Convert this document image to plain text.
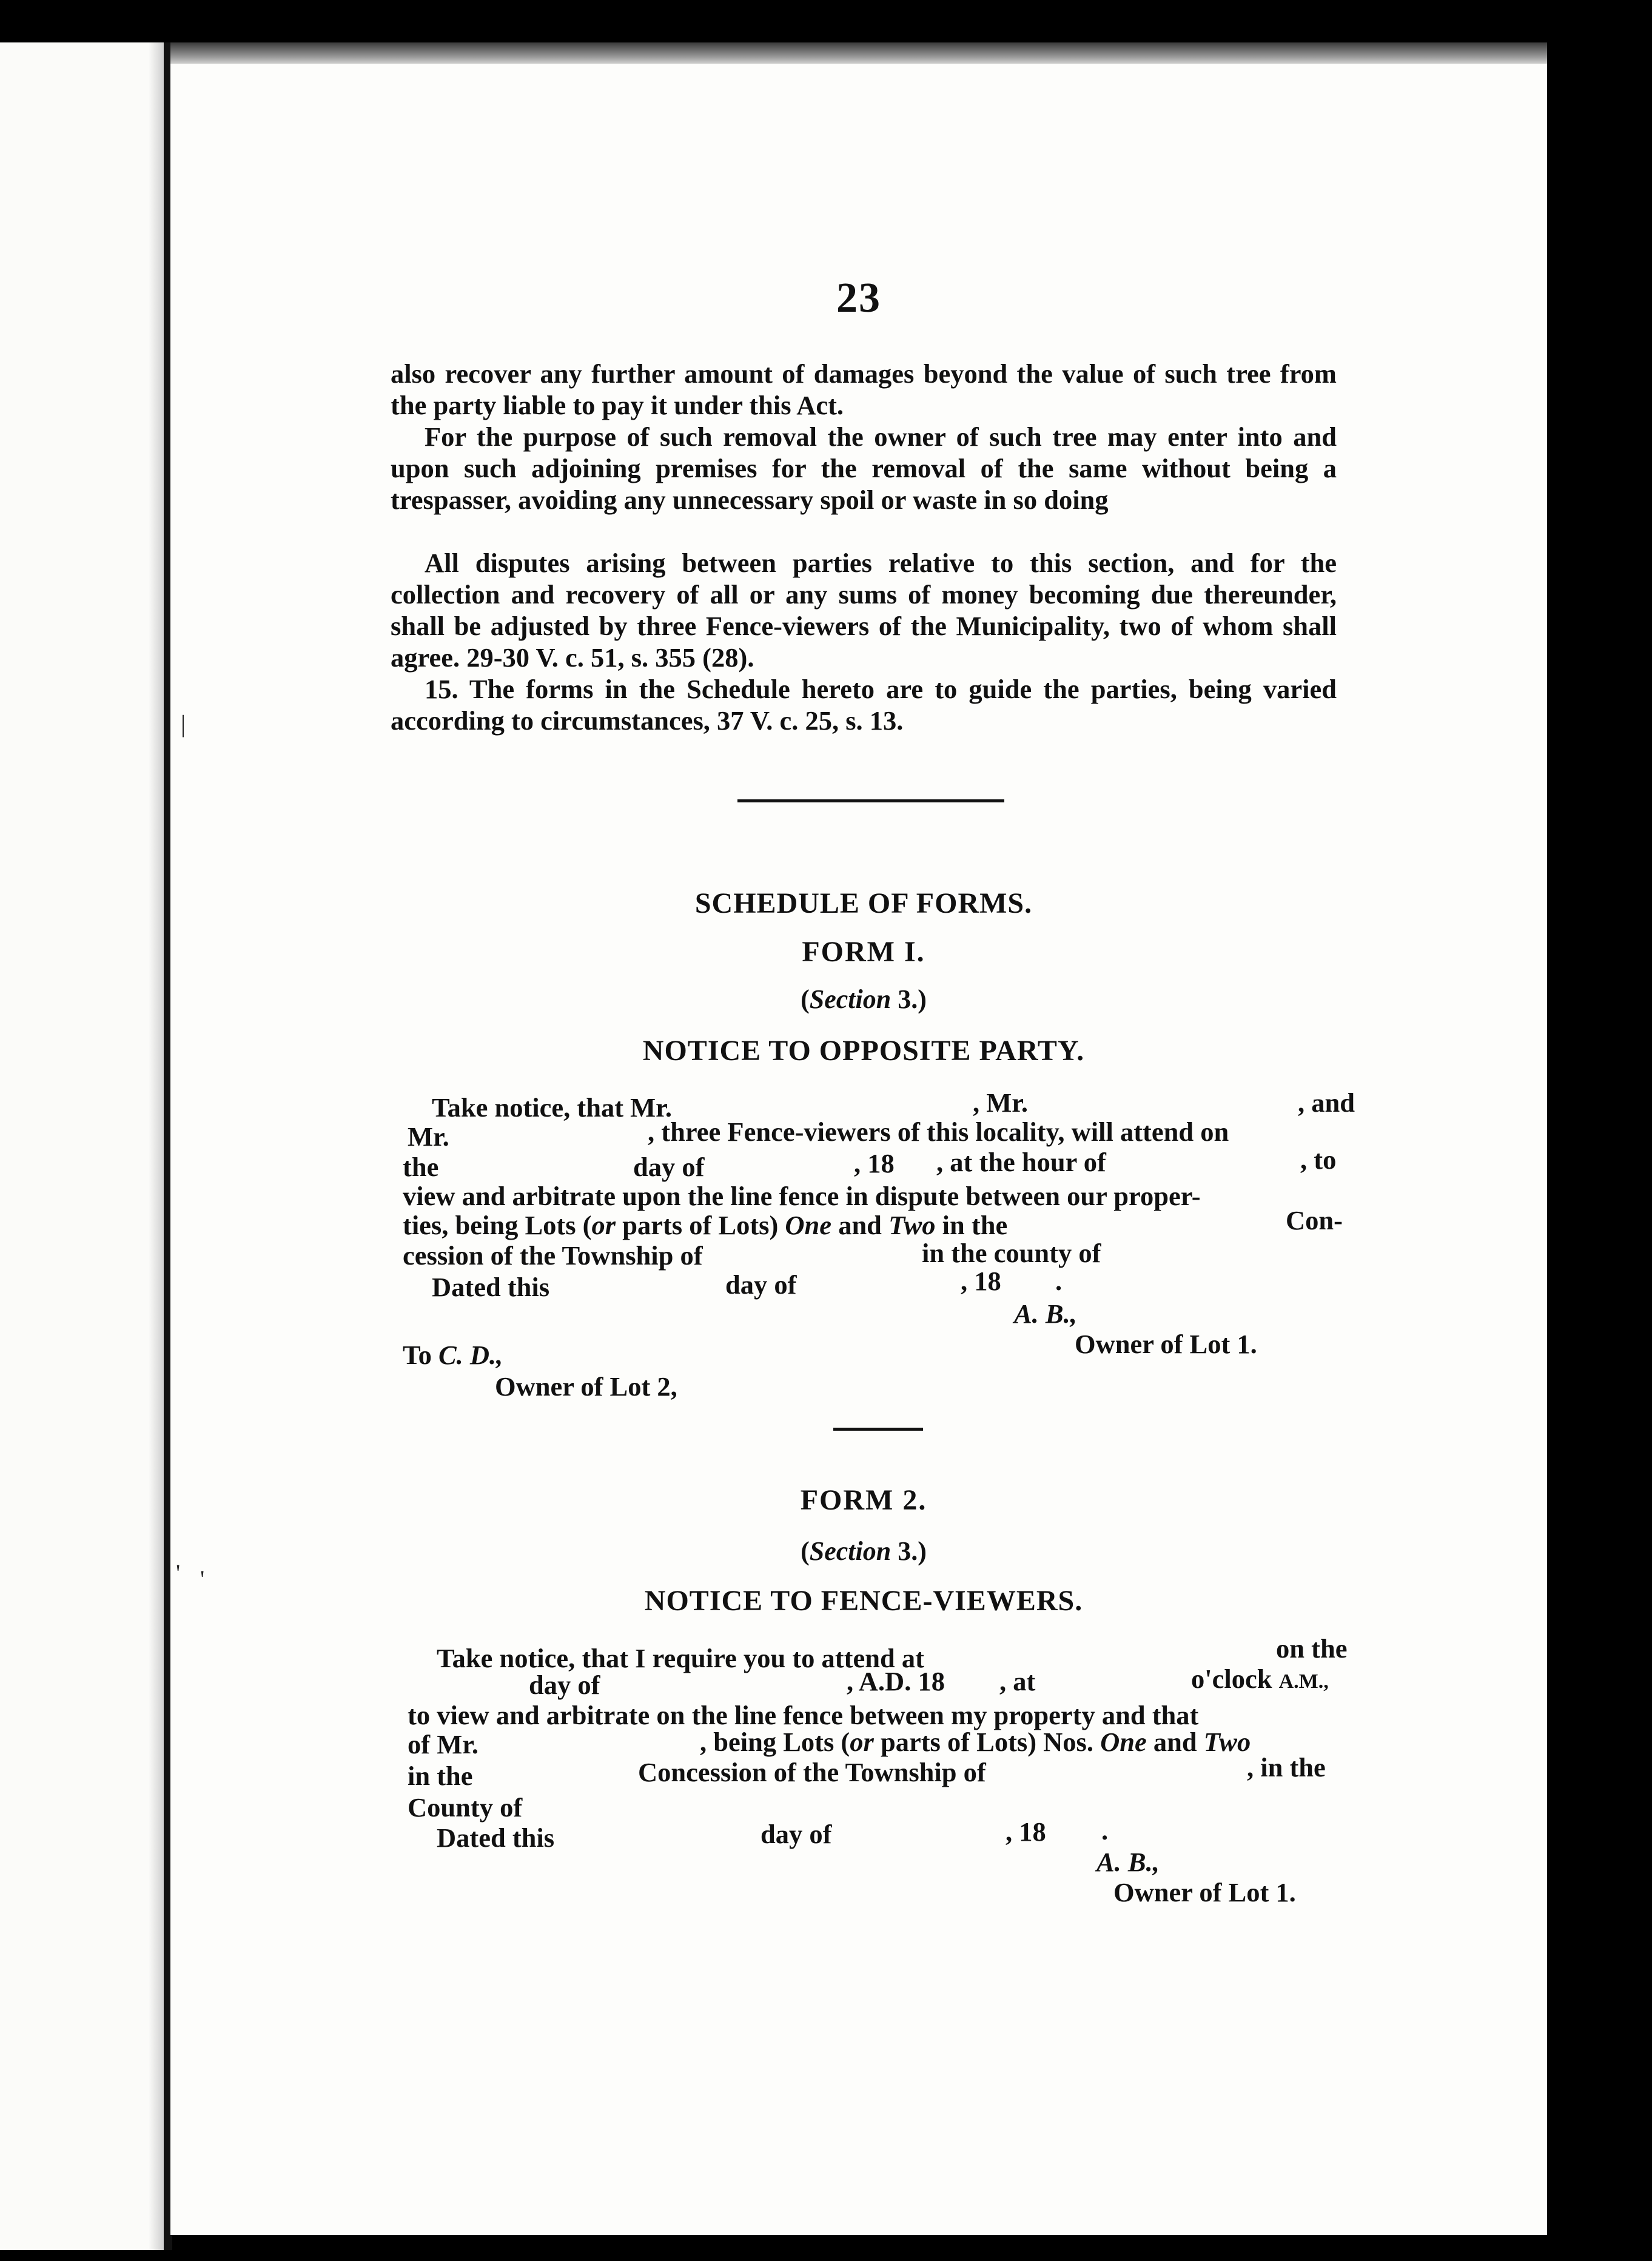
|
' '
23
also recover any further amount of damages beyond the value of such tree from the party liable to pay it under this Act.
For the purpose of such removal the owner of such tree may enter into and upon such adjoining premises for the removal of the same without being a trespasser, avoiding any unnecessary spoil or waste in so doing
All disputes arising between parties relative to this section, and for the collection and recovery of all or any sums of money becoming due thereunder, shall be adjusted by three Fence-viewers of the Municipality, two of whom shall agree. 29-30 V. c. 51, s. 355 (28).
15. The forms in the Schedule hereto are to guide the parties, being varied according to circumstances, 37 V. c. 25, s. 13.
SCHEDULE OF FORMS.
FORM I.
(Section 3.)
NOTICE TO OPPOSITE PARTY.
Take notice, that Mr.	, Mr.	, and
Mr.	, three Fence-viewers of this locality, will attend on
the	day of	, 18 , at the hour of	, to
view and arbitrate upon the line fence in dispute between our proper-
ties, being Lots (or parts of Lots) One and Two in the	Con-
cession of the Township of	in the county of
Dated this	day of	, 18 .
A. B.,
Owner of Lot 1.
To C. D.,
Owner of Lot 2,
FORM 2.
(Section 3.)
NOTICE TO FENCE-VIEWERS.
Take notice, that I require you to attend at	on the
day of	, A.D. 18 , at	o'clock A.M.,
to view and arbitrate on the line fence between my property and that
of Mr.	, being Lots (or parts of Lots) Nos. One and Two
in the	Concession of the Township of	, in the
County of
Dated this	day of	, 18 .
A. B.,
Owner of Lot 1.
